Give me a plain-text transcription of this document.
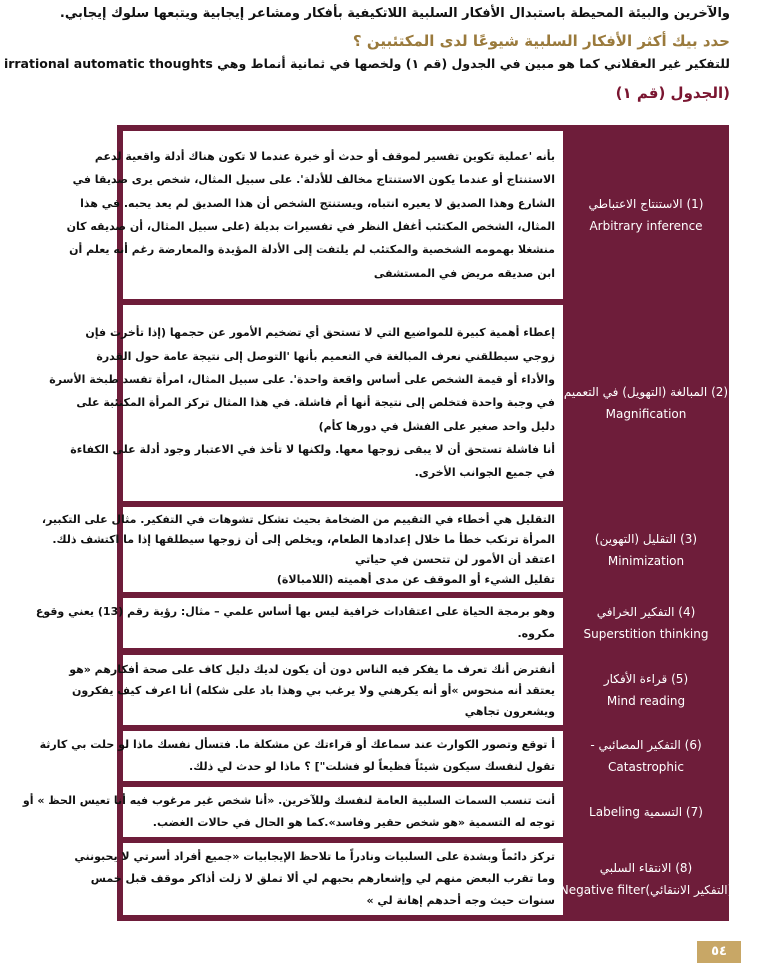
والآخرين والبيئة المحيطة باستبدال الأفكار السلبية اللاتكيفية بأفكار ومشاعر إيجابية ويتبعها سلوك إيجابي.
حدد بيك أكثر الأفكار السلبية شيوعًا لدى المكتئبين ؟
للتفكير غير العقلاني كما هو مبين في الجدول (قم ١) ولخصها في ثمانية أنماط وهي irrational automatic thoughts
(الجدول (قم ١)
بأنه 'عملية تكوين تفسير لموقف أو حدث أو خبرة عندما لا تكون هناك أدلة واقعية لدعم
الاستنتاج أو عندما يكون الاستنتاج مخالف للأدلة'. على سبيل المثال، شخص يرى صديقا في
الشارع وهذا الصديق لا يعيره انتباه، ويستنتج الشخص أن هذا الصديق لم يعد يحبه. في هذا
المثال، الشخص المكتئب أغفل النظر في تفسيرات بديلة (على سبيل المثال، أن صديقه كان
منشغلا بهمومه الشخصية والمكتئب لم يلتفت إلى الأدلة المؤيدة والمعارضة رغم أنه يعلم أن
ابن صديقه مريض في المستشفى
(1) الاستنتاج الاعتباطي
Arbitrary inference
إعطاء أهمية كبيرة للمواضيع التي لا تستحق أي تضخيم الأمور عن حجمها (إذا تأخرت فإن
زوجي سيطلقني نعرف المبالغة في التعميم بأنها 'التوصل إلى نتيجة عامة حول القدرة
والأداء أو قيمة الشخص على أساس واقعة واحدة'. على سبيل المثال، امرأة تفسد طبخة الأسرة
في وجبة واحدة فتخلص إلى نتيجة أنها أم فاشلة. في هذا المثال تركز المرأة المكتئبة على
دليل واحد صغير على الفشل في دورها كأم)
أنا فاشلة تستحق أن لا يبقى زوجها معها. ولكنها لا تأخذ في الاعتبار وجود أدلة على الكفاءة
في جميع الجوانب الأخرى.
(2) المبالغة (التهويل) في التعميم
Magnification
التقليل هي أخطاء في التقييم من الضخامة بحيث تشكل تشوهات في التفكير. مثال على التكبير،
المرأة ترتكب خطأ ما خلال إعدادها الطعام، ويخلص إلى أن زوجها سيطلقها إذا ما اكتشف ذلك.
اعتقد أن الأمور لن تتحسن في حياتي
تقليل الشيء أو الموقف عن مدى أهميته (اللامبالاة)
(3) التقليل (التهوين)
Minimization
وهو برمجة الحياة على اعتقادات خرافية ليس بها أساس علمي – مثال: رؤية رقم (13) يعني وقوع
مكروه.
(4) التفكير الخرافي
Superstition thinking
أنفترض أنك تعرف ما يفكر فيه الناس دون أن يكون لديك دليل كاف على صحة أفكارهم «هو
يعتقد أنه منحوس »أو أنه يكرهني ولا يرغب بي وهذا باد على شكله) أنا اعرف كيف يفكرون
ويشعرون تجاهي
(5) قراءة الأفكار
Mind reading
أ توقع وتصور الكوارث عند سماعك أو قراءتك عن مشكلة ما. فتسأل نفسك ماذا لو حلت بي كارثة
تقول لنفسك سيكون شيئاً فظيعاً لو فشلت"] ؟ ماذا لو حدث لي ذلك.
(6) التفكير المصائبي -
Catastrophic
أنت تنسب السمات السلبية العامة لنفسك وللآخرين. «أنا شخص غير مرغوب فيه أنا تعيس الحظ » أو
توجه له التسمية «هو شخص حقير وفاسد».كما هو الحال في حالات الغضب.
(7) التسمية Labeling
تركز دائماً وبشدة على السلبيات ونادراً ما تلاحظ الإيجابيات «جميع أفراد أسرتي لا يحبونني
وما تقرب البعض منهم لي وإشعارهم بحبهم لي ألا تملق لا زلت أذاكر موقف قبل خمس
سنوات حيث وجه أحدهم إهانة لي »
(8) الانتقاء السلبي
Negative filter(التفكير الانتقائي)
٥٤
